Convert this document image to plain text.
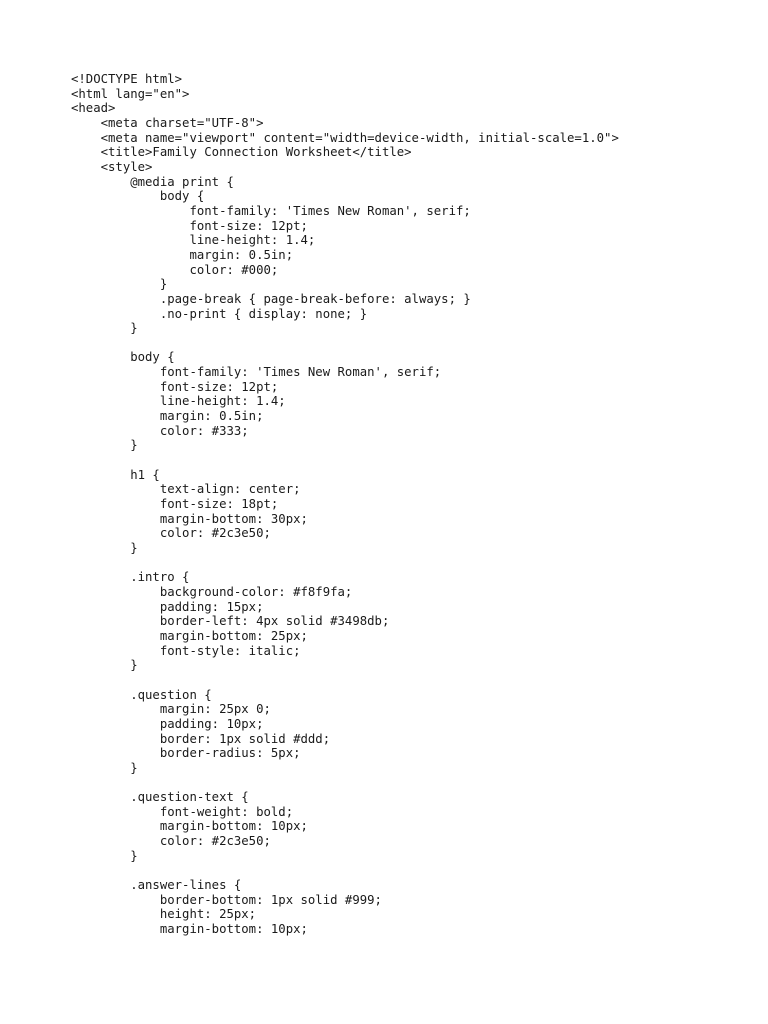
<!DOCTYPE html>
<html lang="en">
<head>
<meta charset="UTF-8">
<meta name="viewport" content="width=device-width, initial-scale=1.0">
<title>Family Connection Worksheet</title>
<style>
@media print {
body {
font-family: 'Times New Roman', serif;
font-size: 12pt;
line-height: 1.4;
margin: 0.5in;
color: #000;
}
.page-break { page-break-before: always; }
.no-print { display: none; }
}
body {
font-family: 'Times New Roman', serif;
font-size: 12pt;
line-height: 1.4;
margin: 0.5in;
color: #333;
}
h1 {
text-align: center;
font-size: 18pt;
margin-bottom: 30px;
color: #2c3e50;
}
.intro {
background-color: #f8f9fa;
padding: 15px;
border-left: 4px solid #3498db;
margin-bottom: 25px;
font-style: italic;
}
.question {
margin: 25px 0;
padding: 10px;
border: 1px solid #ddd;
border-radius: 5px;
}
.question-text {
font-weight: bold;
margin-bottom: 10px;
color: #2c3e50;
}
.answer-lines {
border-bottom: 1px solid #999;
height: 25px;
margin-bottom: 10px;
